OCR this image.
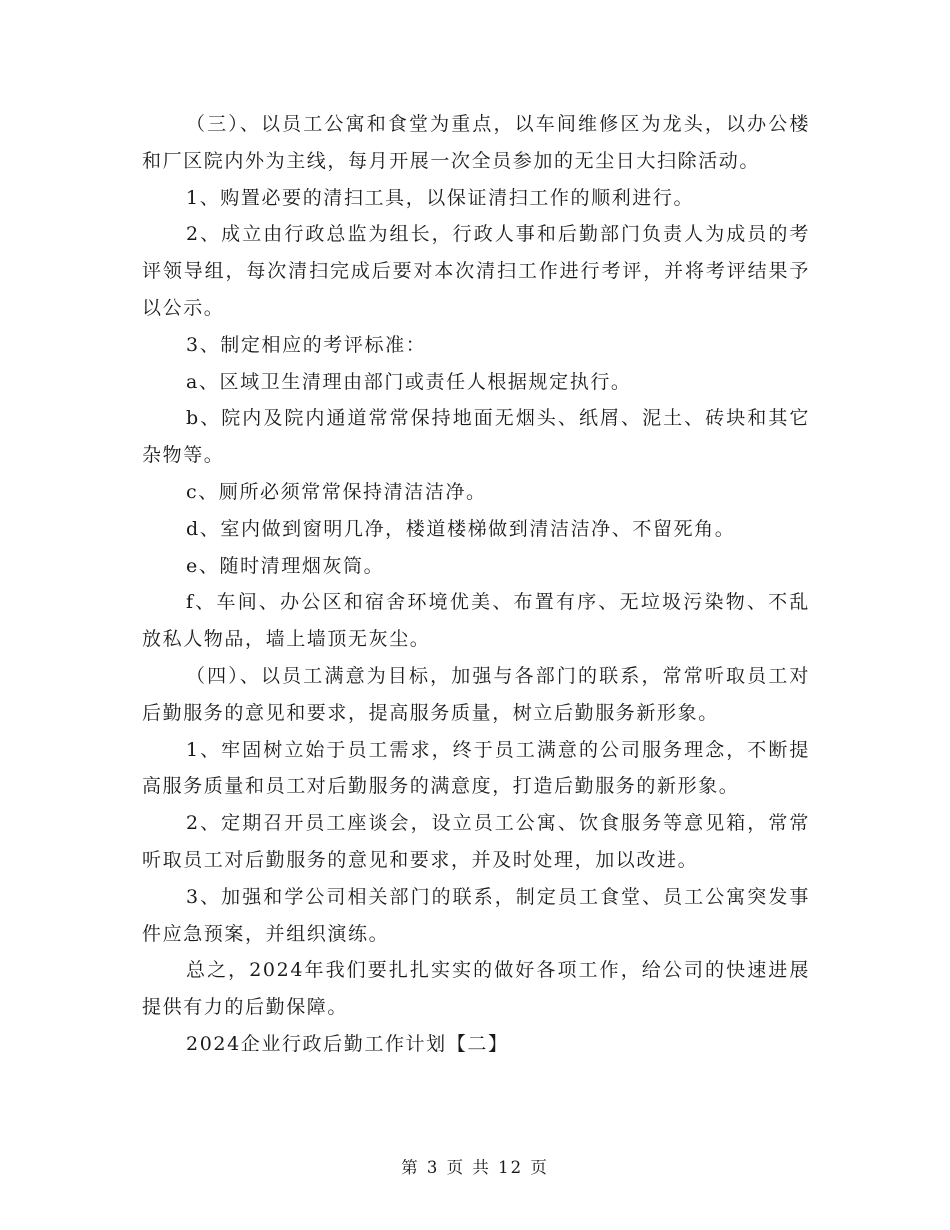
（三）、以员工公寓和食堂为重点，以车间维修区为龙头，以办公楼和厂区院内外为主线，每月开展一次全员参加的无尘日大扫除活动。

1、购置必要的清扫工具，以保证清扫工作的顺利进行。

2、成立由行政总监为组长，行政人事和后勤部门负责人为成员的考评领导组，每次清扫完成后要对本次清扫工作进行考评，并将考评结果予以公示。

3、制定相应的考评标准：

a、区域卫生清理由部门或责任人根据规定执行。

b、院内及院内通道常常保持地面无烟头、纸屑、泥土、砖块和其它杂物等。

c、厕所必须常常保持清洁洁净。

d、室内做到窗明几净，楼道楼梯做到清洁洁净、不留死角。

e、随时清理烟灰筒。

f、车间、办公区和宿舍环境优美、布置有序、无垃圾污染物、不乱放私人物品，墙上墙顶无灰尘。

（四）、以员工满意为目标，加强与各部门的联系，常常听取员工对后勤服务的意见和要求，提高服务质量，树立后勤服务新形象。

1、牢固树立始于员工需求，终于员工满意的公司服务理念，不断提高服务质量和员工对后勤服务的满意度，打造后勤服务的新形象。

2、定期召开员工座谈会，设立员工公寓、饮食服务等意见箱，常常听取员工对后勤服务的意见和要求，并及时处理，加以改进。

3、加强和学公司相关部门的联系，制定员工食堂、员工公寓突发事件应急预案，并组织演练。

总之，2024年我们要扎扎实实的做好各项工作，给公司的快速进展提供有力的后勤保障。

2024企业行政后勤工作计划【二】

第 3 页 共 12 页
